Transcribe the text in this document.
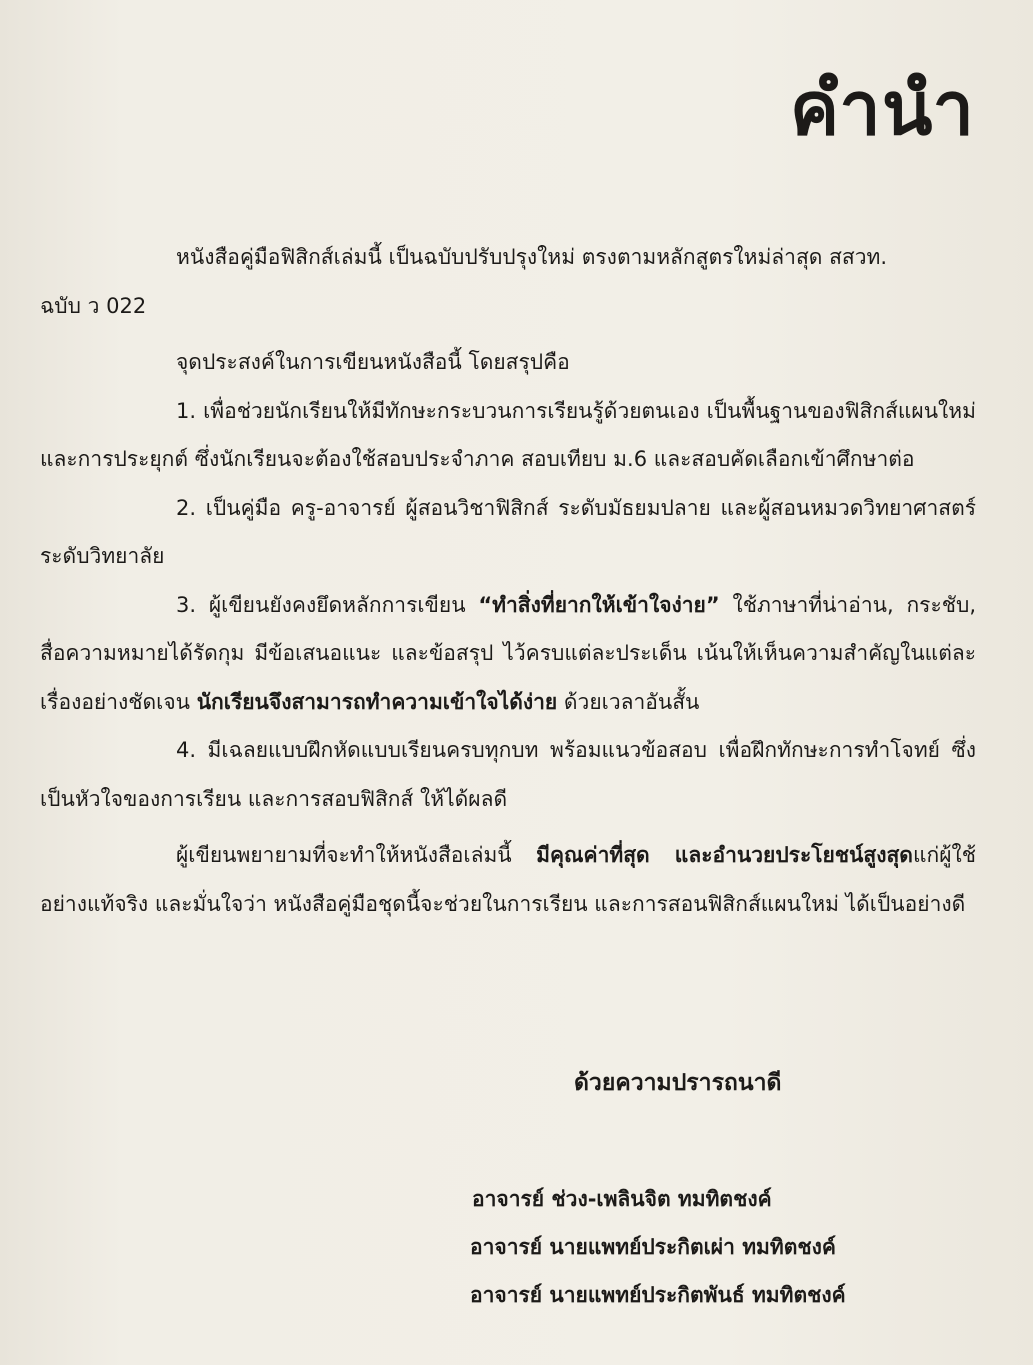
คำนำ

หนังสือคู่มือฟิสิกส์เล่มนี้ เป็นฉบับปรับปรุงใหม่ ตรงตามหลักสูตรใหม่ล่าสุด สสวท.

ฉบับ ว 022

จุดประสงค์ในการเขียนหนังสือนี้ โดยสรุปคือ

1. เพื่อช่วยนักเรียนให้มีทักษะกระบวนการเรียนรู้ด้วยตนเอง เป็นพื้นฐานของฟิสิกส์แผนใหม่ และการประยุกต์ ซึ่งนักเรียนจะต้องใช้สอบประจำภาค สอบเทียบ ม.6 และสอบคัดเลือกเข้าศึกษาต่อ

2. เป็นคู่มือ ครู-อาจารย์ ผู้สอนวิชาฟิสิกส์ ระดับมัธยมปลาย และผู้สอนหมวดวิทยาศาสตร์ระดับวิทยาลัย

3. ผู้เขียนยังคงยึดหลักการเขียน “ทำสิ่งที่ยากให้เข้าใจง่าย” ใช้ภาษาที่น่าอ่าน, กระชับ, สื่อความหมายได้รัดกุม มีข้อเสนอแนะ และข้อสรุป ไว้ครบแต่ละประเด็น เน้นให้เห็นความสำคัญในแต่ละเรื่องอย่างชัดเจน นักเรียนจึงสามารถทำความเข้าใจได้ง่าย ด้วยเวลาอันสั้น

4. มีเฉลยแบบฝึกหัดแบบเรียนครบทุกบท พร้อมแนวข้อสอบ เพื่อฝึกทักษะการทำโจทย์ ซึ่งเป็นหัวใจของการเรียน และการสอบฟิสิกส์ ให้ได้ผลดี

ผู้เขียนพยายามที่จะทำให้หนังสือเล่มนี้ มีคุณค่าที่สุด และอำนวยประโยชน์สูงสุดแก่ผู้ใช้อย่างแท้จริง และมั่นใจว่า หนังสือคู่มือชุดนี้จะช่วยในการเรียน และการสอนฟิสิกส์แผนใหม่ ได้เป็นอย่างดี

ด้วยความปรารถนาดี
อาจารย์ ช่วง-เพลินจิต ทมทิตชงค์
อาจารย์ นายแพทย์ประกิตเผ่า ทมทิตชงค์
อาจารย์ นายแพทย์ประกิตพันธ์ ทมทิตชงค์
